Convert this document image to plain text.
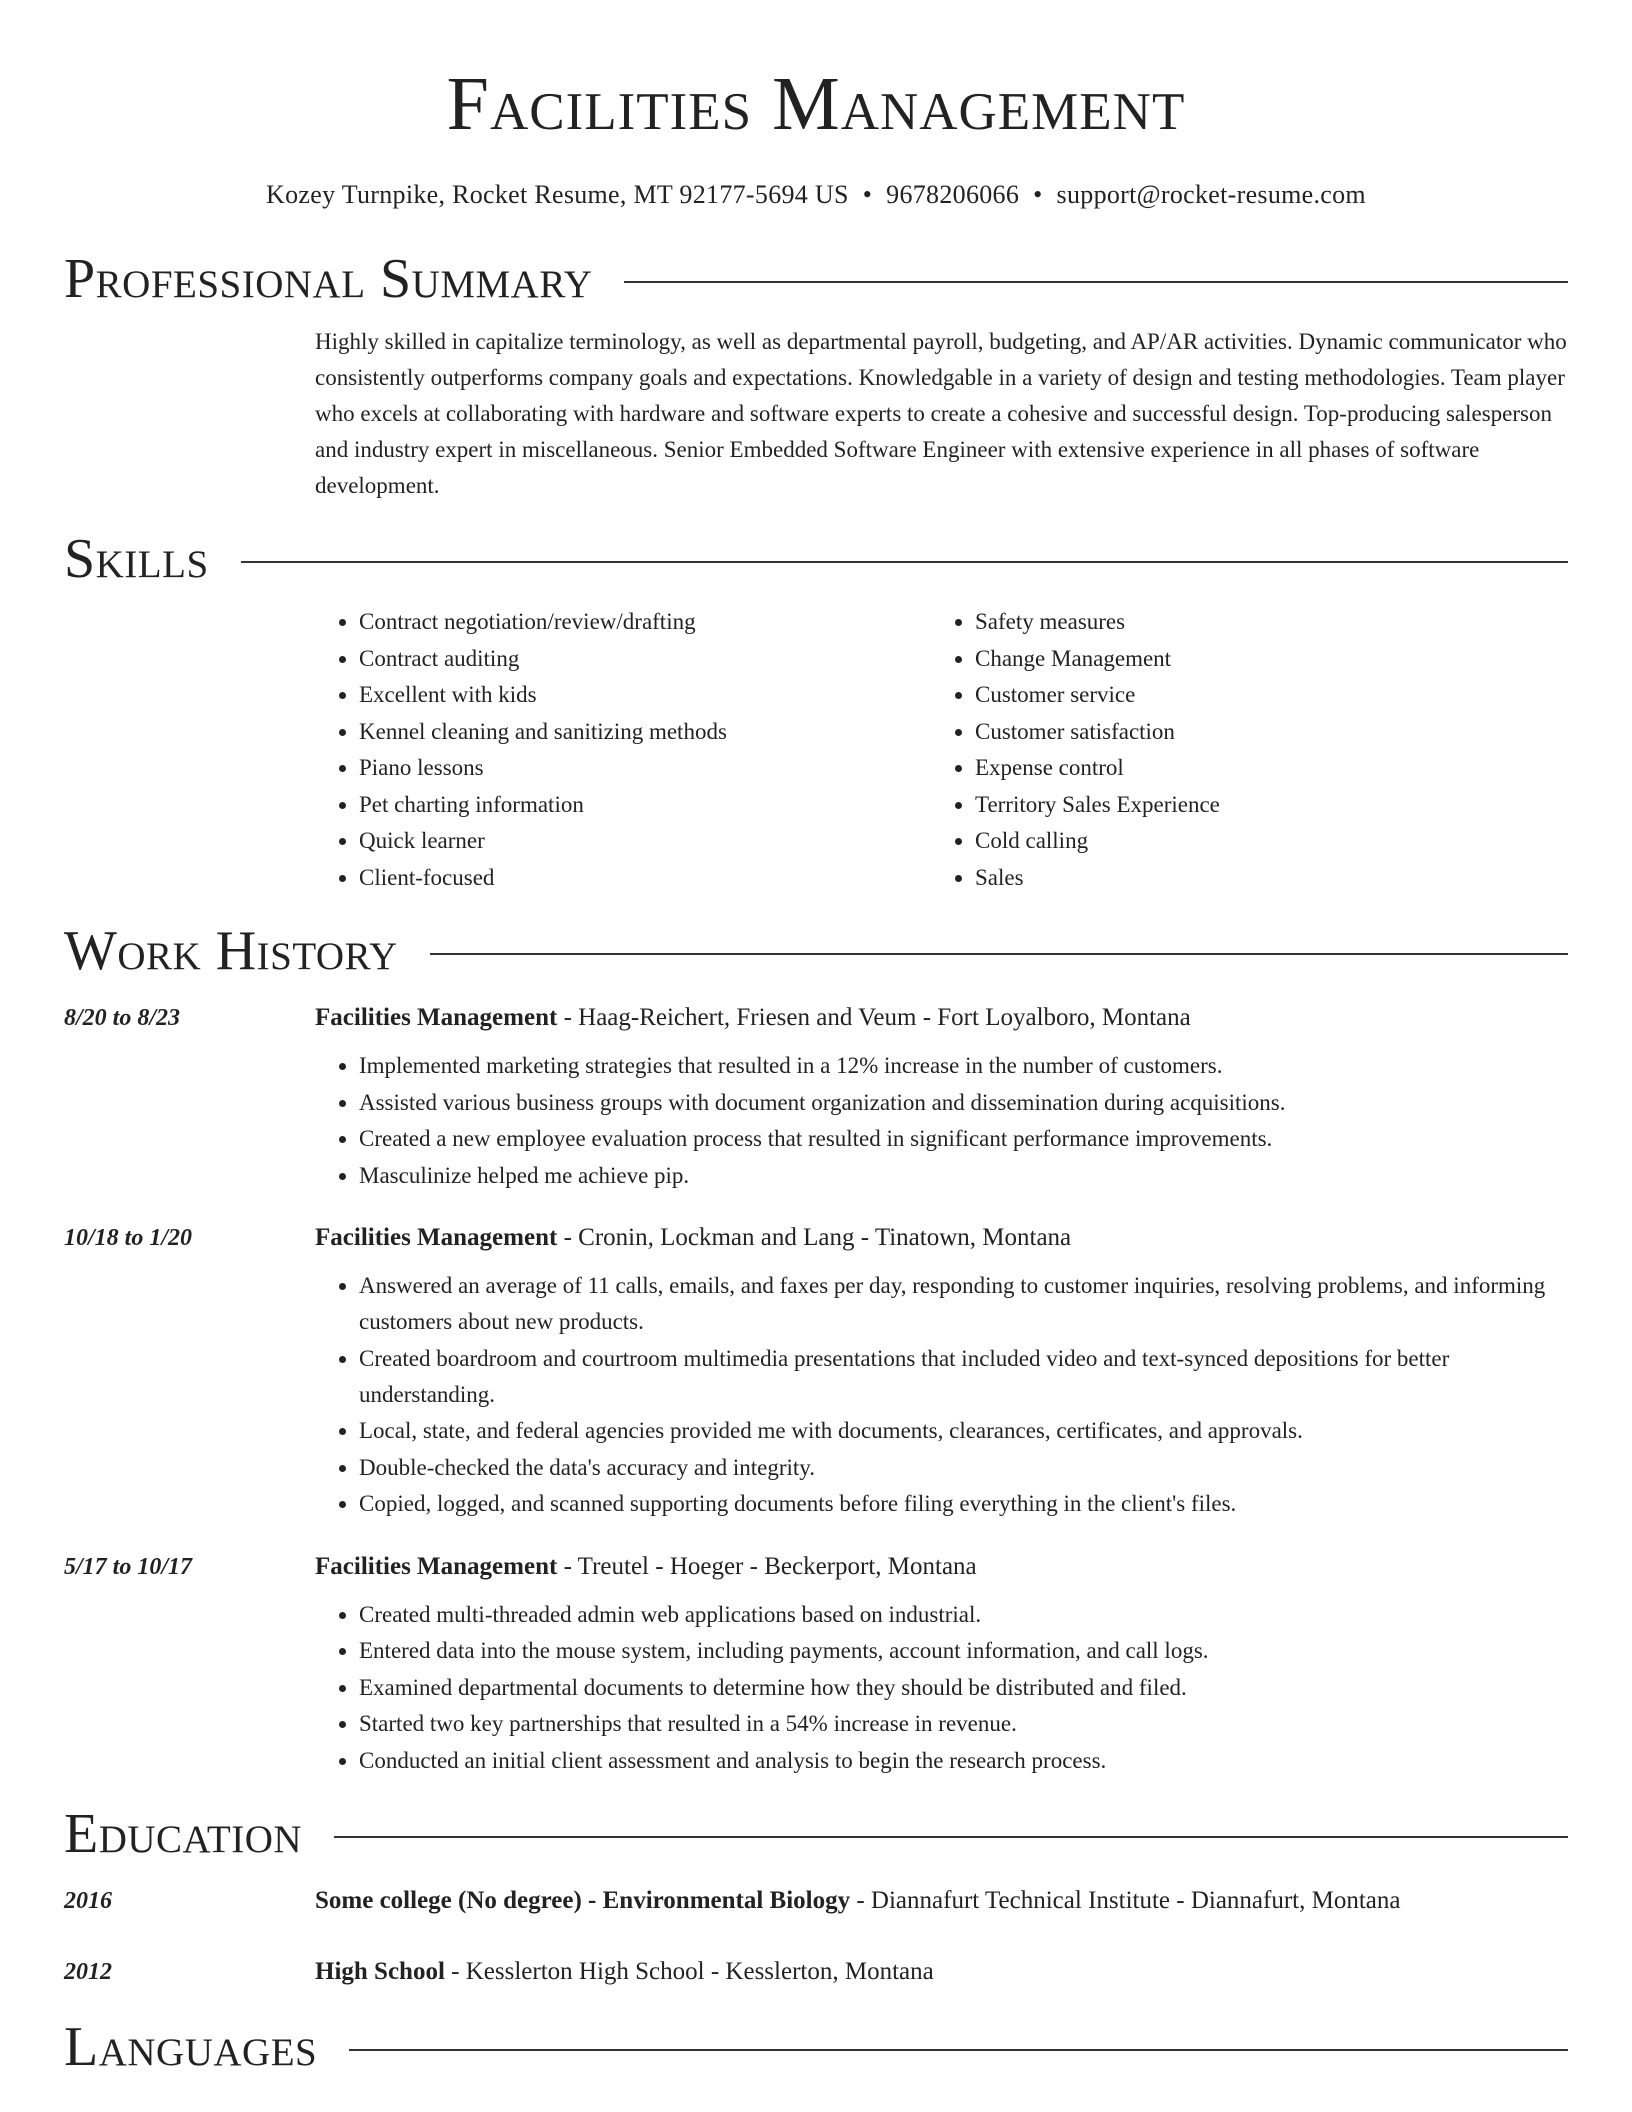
Facilities Management
Kozey Turnpike, Rocket Resume, MT 92177-5694 US • 9678206066 • support@rocket-resume.com
Professional Summary
Highly skilled in capitalize terminology, as well as departmental payroll, budgeting, and AP/AR activities. Dynamic communicator who consistently outperforms company goals and expectations. Knowledgable in a variety of design and testing methodologies. Team player who excels at collaborating with hardware and software experts to create a cohesive and successful design. Top-producing salesperson and industry expert in miscellaneous. Senior Embedded Software Engineer with extensive experience in all phases of software development.
Skills
• Contract negotiation/review/drafting
• Contract auditing
• Excellent with kids
• Kennel cleaning and sanitizing methods
• Piano lessons
• Pet charting information
• Quick learner
• Client-focused
• Safety measures
• Change Management
• Customer service
• Customer satisfaction
• Expense control
• Territory Sales Experience
• Cold calling
• Sales
Work History
8/20 to 8/23	Facilities Management - Haag-Reichert, Friesen and Veum - Fort Loyalboro, Montana
• Implemented marketing strategies that resulted in a 12% increase in the number of customers.
• Assisted various business groups with document organization and dissemination during acquisitions.
• Created a new employee evaluation process that resulted in significant performance improvements.
• Masculinize helped me achieve pip.
10/18 to 1/20	Facilities Management - Cronin, Lockman and Lang - Tinatown, Montana
• Answered an average of 11 calls, emails, and faxes per day, responding to customer inquiries, resolving problems, and informing customers about new products.
• Created boardroom and courtroom multimedia presentations that included video and text-synced depositions for better understanding.
• Local, state, and federal agencies provided me with documents, clearances, certificates, and approvals.
• Double-checked the data's accuracy and integrity.
• Copied, logged, and scanned supporting documents before filing everything in the client's files.
5/17 to 10/17	Facilities Management - Treutel - Hoeger - Beckerport, Montana
• Created multi-threaded admin web applications based on industrial.
• Entered data into the mouse system, including payments, account information, and call logs.
• Examined departmental documents to determine how they should be distributed and filed.
• Started two key partnerships that resulted in a 54% increase in revenue.
• Conducted an initial client assessment and analysis to begin the research process.
Education
2016	Some college (No degree) - Environmental Biology - Diannafurt Technical Institute - Diannafurt, Montana
2012	High School - Kesslerton High School - Kesslerton, Montana
Languages
